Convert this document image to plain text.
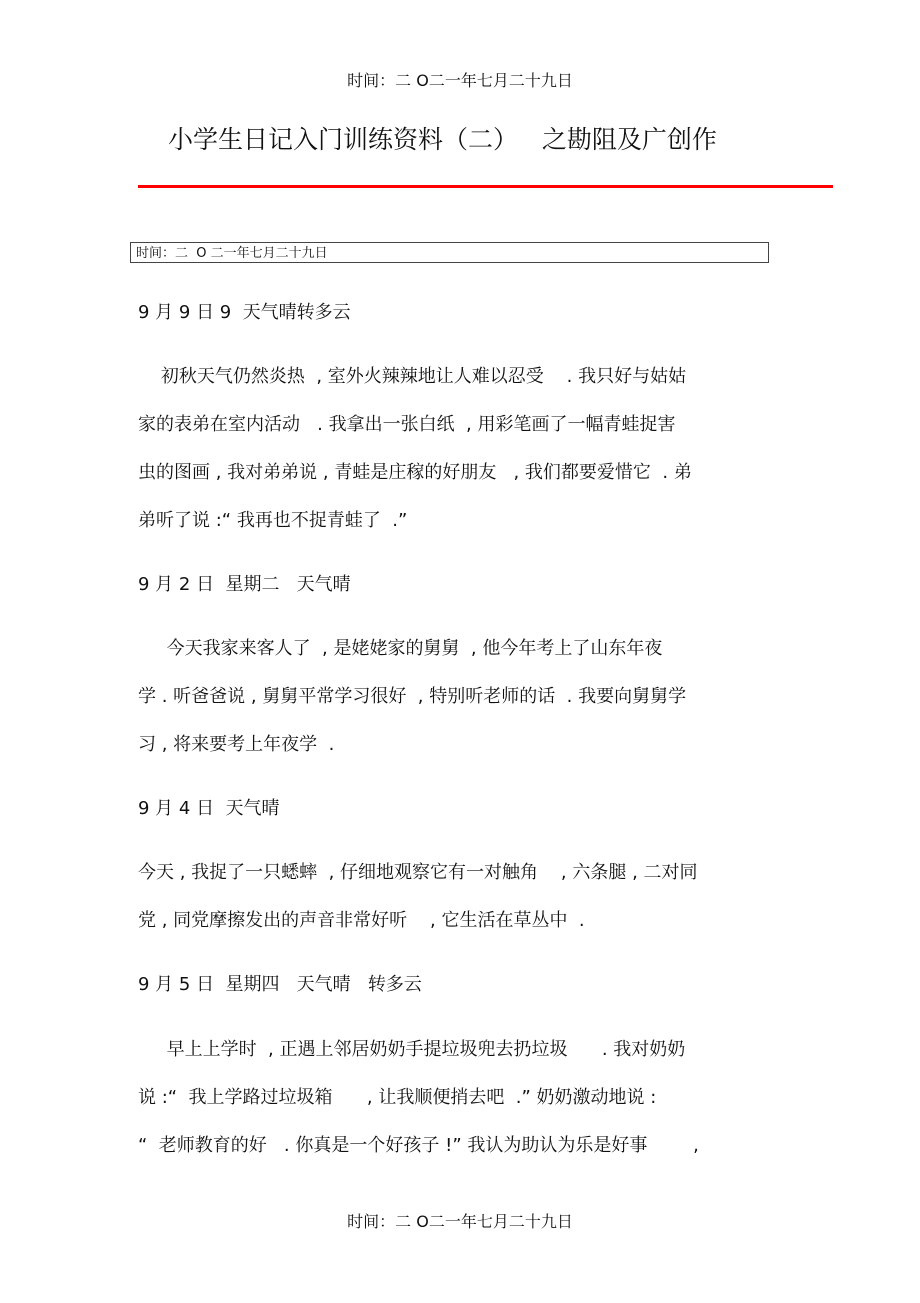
时间：二 O二一年七月二十九日
小学生日记入门训练资料（二）   之勘阻及广创作
时间：二  O 二一年七月二十九日
9 月 9 日 9  天气晴转多云
初秋天气仍然炎热  , 室外火辣辣地让人难以忍受    . 我只好与姑姑
家的表弟在室内活动   . 我拿出一张白纸  , 用彩笔画了一幅青蛙捉害
虫的图画 , 我对弟弟说 , 青蛙是庄稼的好朋友   , 我们都要爱惜它  . 弟
弟听了说 :“ 我再也不捉青蛙了  .”
9 月 2 日  星期二   天气晴
今天我家来客人了  , 是姥姥家的舅舅  , 他今年考上了山东年夜
学 . 听爸爸说 , 舅舅平常学习很好  , 特别听老师的话  . 我要向舅舅学
习 , 将来要考上年夜学  .
9 月 4 日  天气晴
今天 , 我捉了一只蟋蟀  , 仔细地观察它有一对触角    , 六条腿 , 二对同
党 , 同党摩擦发出的声音非常好听    , 它生活在草丛中  .
9 月 5 日  星期四   天气晴   转多云
早上上学时  , 正遇上邻居奶奶手提垃圾兜去扔垃圾      . 我对奶奶
说 :“  我上学路过垃圾箱      , 让我顺便捎去吧  .” 奶奶激动地说 :
“  老师教育的好   . 你真是一个好孩子 !” 我认为助认为乐是好事        ,
时间：二 O二一年七月二十九日
